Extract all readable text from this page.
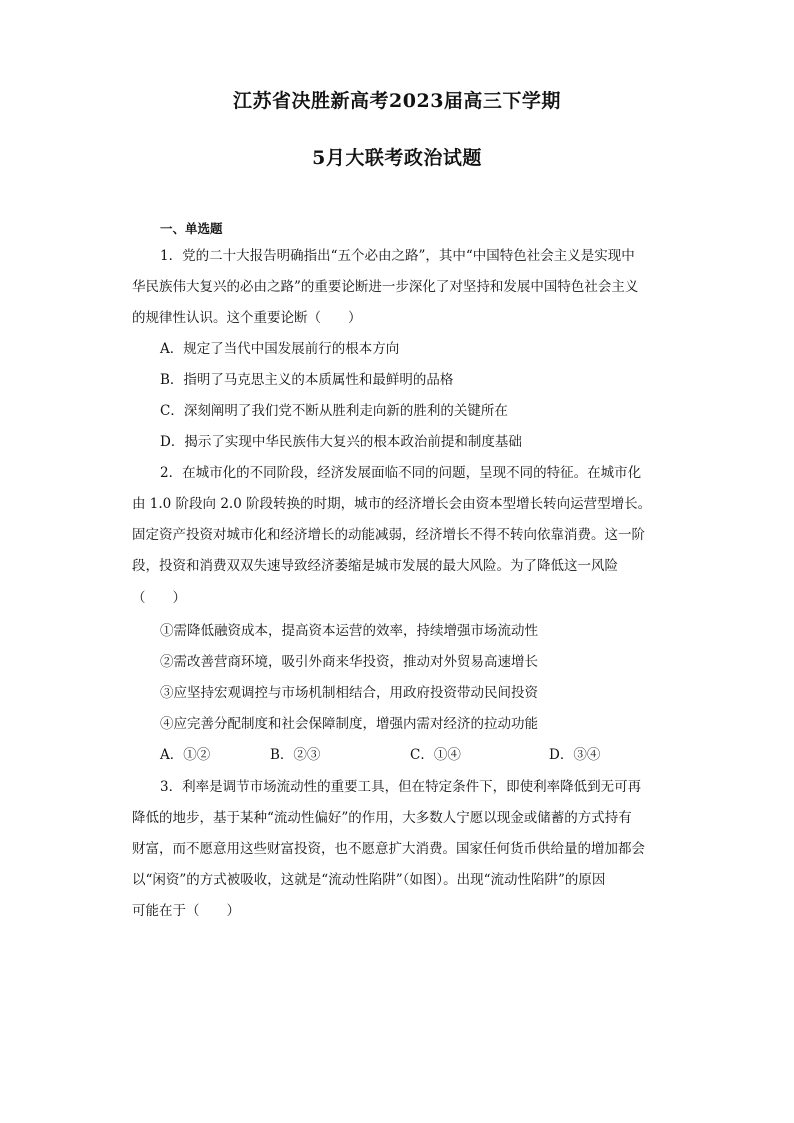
江苏省决胜新高考2023届高三下学期
5月大联考政治试题
一、单选题
1．党的二十大报告明确指出“五个必由之路”，其中“中国特色社会主义是实现中
华民族伟大复兴的必由之路”的重要论断进一步深化了对坚持和发展中国特色社会主义
的规律性认识。这个重要论断（　　）
A．规定了当代中国发展前行的根本方向
B．指明了马克思主义的本质属性和最鲜明的品格
C．深刻阐明了我们党不断从胜利走向新的胜利的关键所在
D．揭示了实现中华民族伟大复兴的根本政治前提和制度基础
2．在城市化的不同阶段，经济发展面临不同的问题，呈现不同的特征。在城市化
由 1.0 阶段向 2.0 阶段转换的时期，城市的经济增长会由资本型增长转向运营型增长。
固定资产投资对城市化和经济增长的动能减弱，经济增长不得不转向依靠消费。这一阶
段，投资和消费双双失速导致经济萎缩是城市发展的最大风险。为了降低这一风险
（　　）
①需降低融资成本，提高资本运营的效率，持续增强市场流动性
②需改善营商环境，吸引外商来华投资，推动对外贸易高速增长
③应坚持宏观调控与市场机制相结合，用政府投资带动民间投资
④应完善分配制度和社会保障制度，增强内需对经济的拉动功能
A．①②	B．②③	C．①④	D．③④
3．利率是调节市场流动性的重要工具，但在特定条件下，即使利率降低到无可再
降低的地步，基于某种“流动性偏好”的作用，大多数人宁愿以现金或储蓄的方式持有
财富，而不愿意用这些财富投资，也不愿意扩大消费。国家任何货币供给量的增加都会
以“闲资”的方式被吸收，这就是“流动性陷阱”（如图）。出现“流动性陷阱”的原因
可能在于（　　）
